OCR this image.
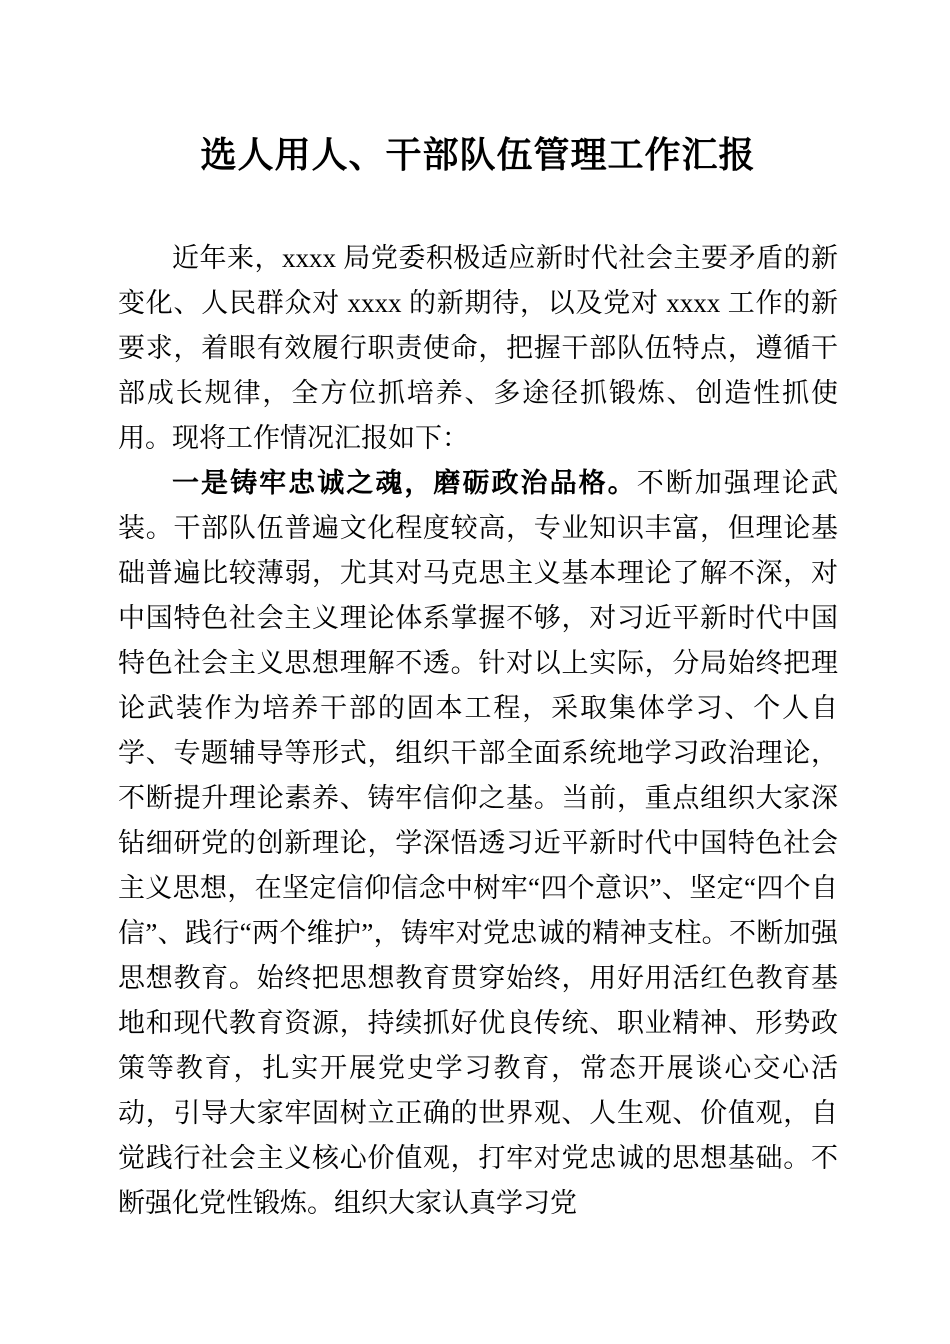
选人用人、干部队伍管理工作汇报

近年来，xxxx 局党委积极适应新时代社会主要矛盾的新变化、人民群众对 xxxx 的新期待，以及党对 xxxx 工作的新要求，着眼有效履行职责使命，把握干部队伍特点，遵循干部成长规律，全方位抓培养、多途径抓锻炼、创造性抓使用。现将工作情况汇报如下：

一是铸牢忠诚之魂，磨砺政治品格。不断加强理论武装。干部队伍普遍文化程度较高，专业知识丰富，但理论基础普遍比较薄弱，尤其对马克思主义基本理论了解不深，对中国特色社会主义理论体系掌握不够，对习近平新时代中国特色社会主义思想理解不透。针对以上实际，分局始终把理论武装作为培养干部的固本工程，采取集体学习、个人自学、专题辅导等形式，组织干部全面系统地学习政治理论，不断提升理论素养、铸牢信仰之基。当前，重点组织大家深钻细研党的创新理论，学深悟透习近平新时代中国特色社会主义思想，在坚定信仰信念中树牢“四个意识”、坚定“四个自信”、践行“两个维护”，铸牢对党忠诚的精神支柱。不断加强思想教育。始终把思想教育贯穿始终，用好用活红色教育基地和现代教育资源，持续抓好优良传统、职业精神、形势政策等教育，扎实开展党史学习教育，常态开展谈心交心活动，引导大家牢固树立正确的世界观、人生观、价值观，自觉践行社会主义核心价值观，打牢对党忠诚的思想基础。不断强化党性锻炼。组织大家认真学习党
